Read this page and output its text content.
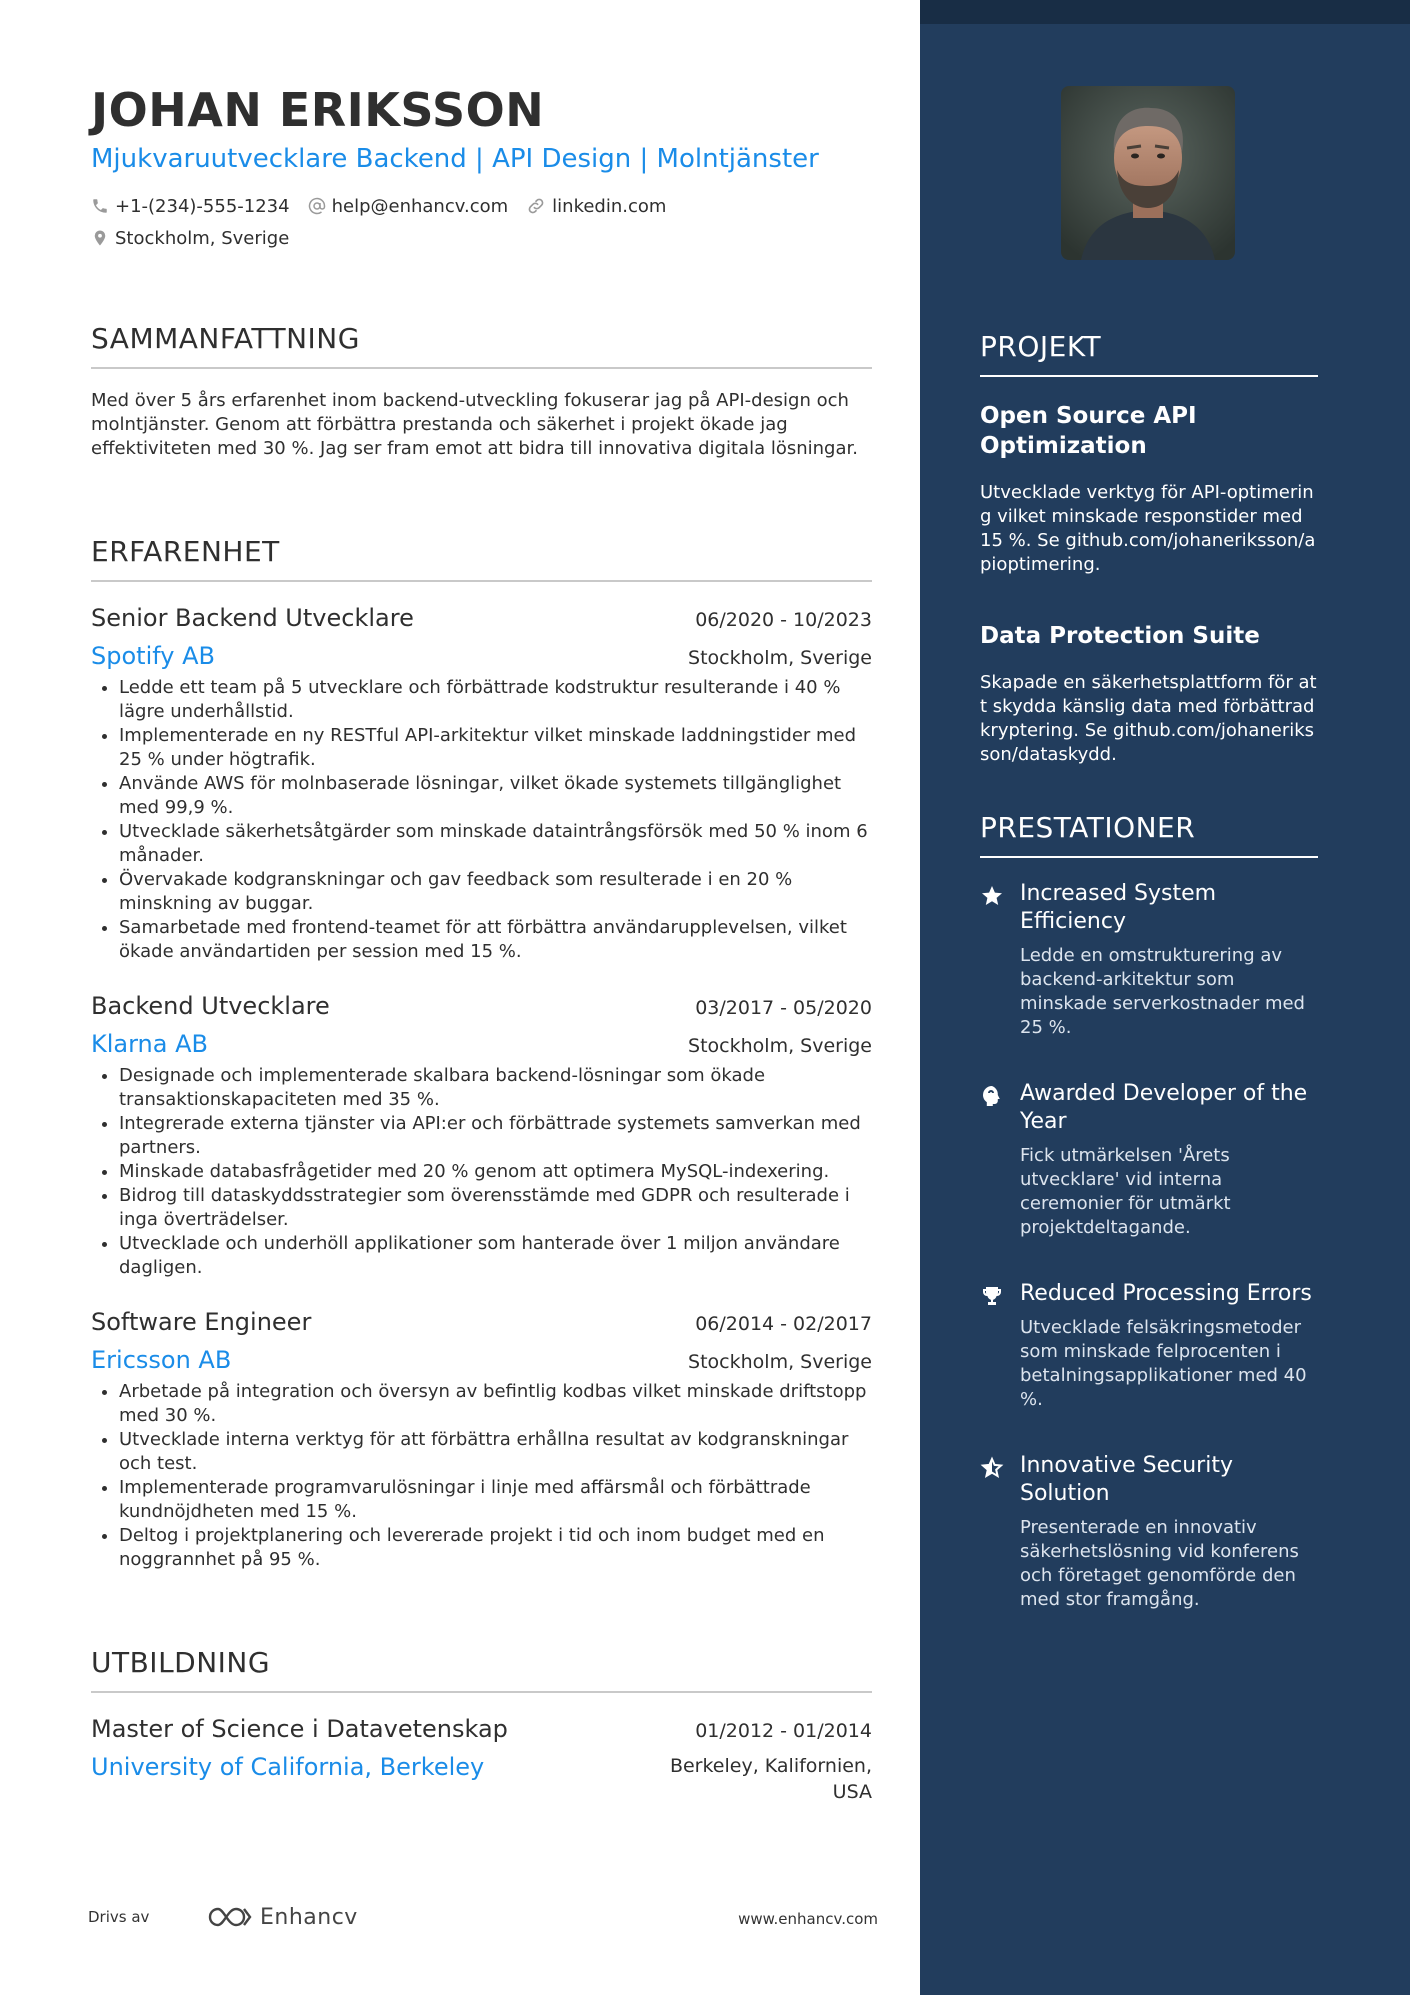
JOHAN ERIKSSON
Mjukvaruutvecklare Backend | API Design | Molntjänster
+1-(234)-555-1234 help@enhancv.com linkedin.com
Stockholm, Sverige
SAMMANFATTNING
Med över 5 års erfarenhet inom backend-utveckling fokuserar jag på API-design och molntjänster. Genom att förbättra prestanda och säkerhet i projekt ökade jag effektiviteten med 30 %. Jag ser fram emot att bidra till innovativa digitala lösningar.
ERFARENHET
Senior Backend Utvecklare	06/2020 - 10/2023
Spotify AB	Stockholm, Sverige
• Ledde ett team på 5 utvecklare och förbättrade kodstruktur resulterande i 40 % lägre underhållstid.
• Implementerade en ny RESTful API-arkitektur vilket minskade laddningstider med 25 % under högtrafik.
• Använde AWS för molnbaserade lösningar, vilket ökade systemets tillgänglighet med 99,9 %.
• Utvecklade säkerhetsåtgärder som minskade dataintrångsförsök med 50 % inom 6 månader.
• Övervakade kodgranskningar och gav feedback som resulterade i en 20 % minskning av buggar.
• Samarbetade med frontend-teamet för att förbättra användarupplevelsen, vilket ökade användartiden per session med 15 %.
Backend Utvecklare	03/2017 - 05/2020
Klarna AB	Stockholm, Sverige
• Designade och implementerade skalbara backend-lösningar som ökade transaktionskapaciteten med 35 %.
• Integrerade externa tjänster via API:er och förbättrade systemets samverkan med partners.
• Minskade databasfrågetider med 20 % genom att optimera MySQL-indexering.
• Bidrog till dataskyddsstrategier som överensstämde med GDPR och resulterade i inga överträdelser.
• Utvecklade och underhöll applikationer som hanterade över 1 miljon användare dagligen.
Software Engineer	06/2014 - 02/2017
Ericsson AB	Stockholm, Sverige
• Arbetade på integration och översyn av befintlig kodbas vilket minskade driftstopp med 30 %.
• Utvecklade interna verktyg för att förbättra erhållna resultat av kodgranskningar och test.
• Implementerade programvarulösningar i linje med affärsmål och förbättrade kundnöjdheten med 15 %.
• Deltog i projektplanering och levererade projekt i tid och inom budget med en noggrannhet på 95 %.
UTBILDNING
Master of Science i Datavetenskap	01/2012 - 01/2014
University of California, Berkeley	Berkeley, Kalifornien, USA
PROJEKT
Open Source API Optimization
Utvecklade verktyg för API-optimering vilket minskade responstider med 15 %. Se github.com/johaneriksson/apioptimering.
Data Protection Suite
Skapade en säkerhetsplattform för att skydda känslig data med förbättrad kryptering. Se github.com/johaneriksson/dataskydd.
PRESTATIONER
Increased System Efficiency
Ledde en omstrukturering av backend-arkitektur som minskade serverkostnader med 25 %.
Awarded Developer of the Year
Fick utmärkelsen 'Årets utvecklare' vid interna ceremonier för utmärkt projektdeltagande.
Reduced Processing Errors
Utvecklade felsäkringsmetoder som minskade felprocenten i betalningsapplikationer med 40 %.
Innovative Security Solution
Presenterade en innovativ säkerhetslösning vid konferens och företaget genomförde den med stor framgång.
Drivs av	Enhancv	www.enhancv.com
